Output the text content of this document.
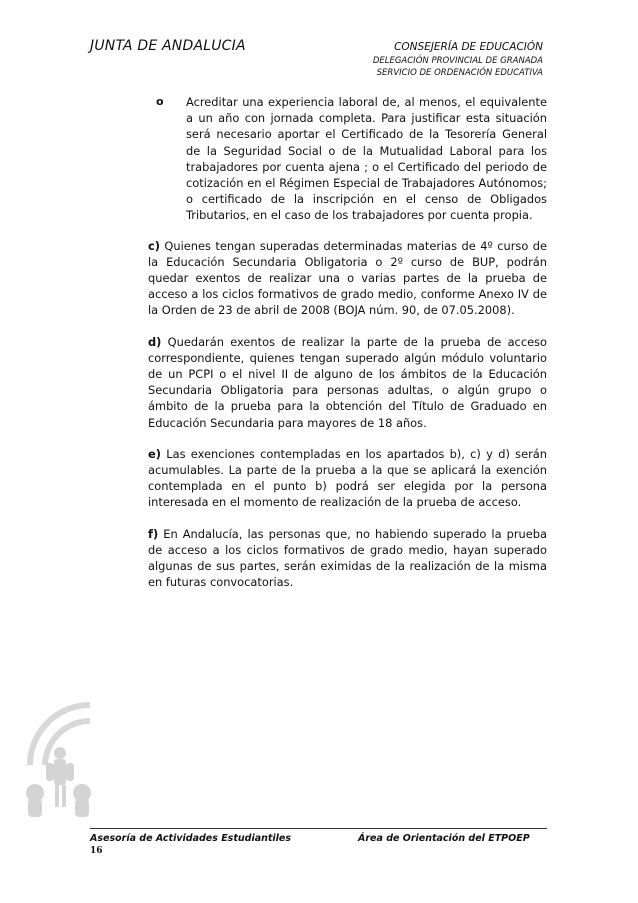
JUNTA DE ANDALUCIA	CONSEJERÍA DE EDUCACIÓN
DELEGACIÓN PROVINCIAL DE GRANADA
SERVICIO DE ORDENACIÓN EDUCATIVA
o Acreditar una experiencia laboral de, al menos, el equivalente a un año con jornada completa. Para justificar esta situación será necesario aportar el Certificado de la Tesorería General de la Seguridad Social o de la Mutualidad Laboral para los trabajadores por cuenta ajena ; o el Certificado del periodo de cotización en el Régimen Especial de Trabajadores Autónomos; o certificado de la inscripción en el censo de Obligados Tributarios, en el caso de los trabajadores por cuenta propia.
c) Quienes tengan superadas determinadas materias de 4º curso de la Educación Secundaria Obligatoria o 2º curso de BUP, podrán quedar exentos de realizar una o varias partes de la prueba de acceso a los ciclos formativos de grado medio, conforme Anexo IV de la Orden de 23 de abril de 2008 (BOJA núm. 90, de 07.05.2008).
d) Quedarán exentos de realizar la parte de la prueba de acceso correspondiente, quienes tengan superado algún módulo voluntario de un PCPI o el nivel II de alguno de los ámbitos de la Educación Secundaria Obligatoria para personas adultas, o algún grupo o ámbito de la prueba para la obtención del Título de Graduado en Educación Secundaria para mayores de 18 años.
e) Las exenciones contempladas en los apartados b), c) y d) serán acumulables. La parte de la prueba a la que se aplicará la exención contemplada en el punto b) podrá ser elegida por la persona interesada en el momento de realización de la prueba de acceso.
f) En Andalucía, las personas que, no habiendo superado la prueba de acceso a los ciclos formativos de grado medio, hayan superado algunas de sus partes, serán eximidas de la realización de la misma en futuras convocatorias.
Asesoría de Actividades Estudiantiles	Área de Orientación del ETPOEP
16
